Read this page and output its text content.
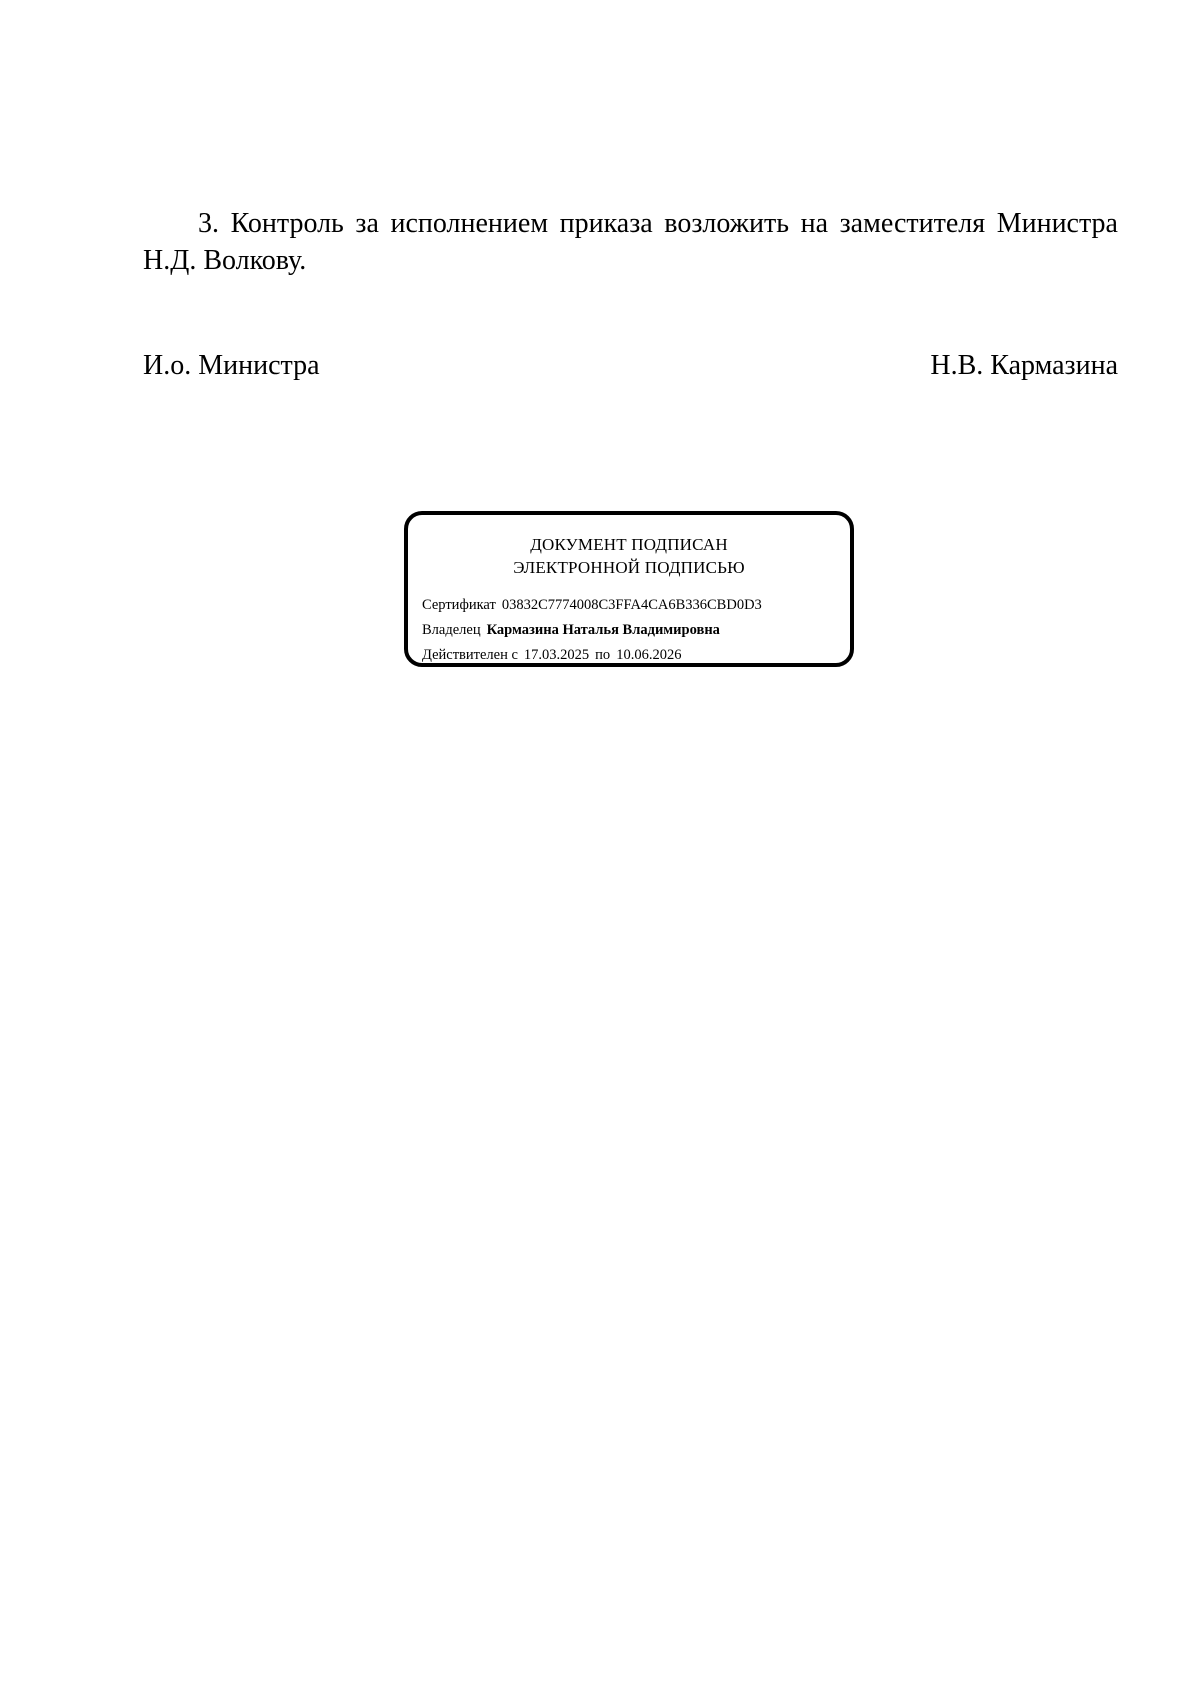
3. Контроль за исполнением приказа возложить на заместителя Министра Н.Д. Волкову.

И.о. Министра	Н.В. Кармазина
ДОКУМЕНТ ПОДПИСАН
ЭЛЕКТРОННОЙ ПОДПИСЬЮ
Сертификат 03832C7774008C3FFA4CA6B336CBD0D3
Владелец Кармазина Наталья Владимировна
Действителен с 17.03.2025 по 10.06.2026
